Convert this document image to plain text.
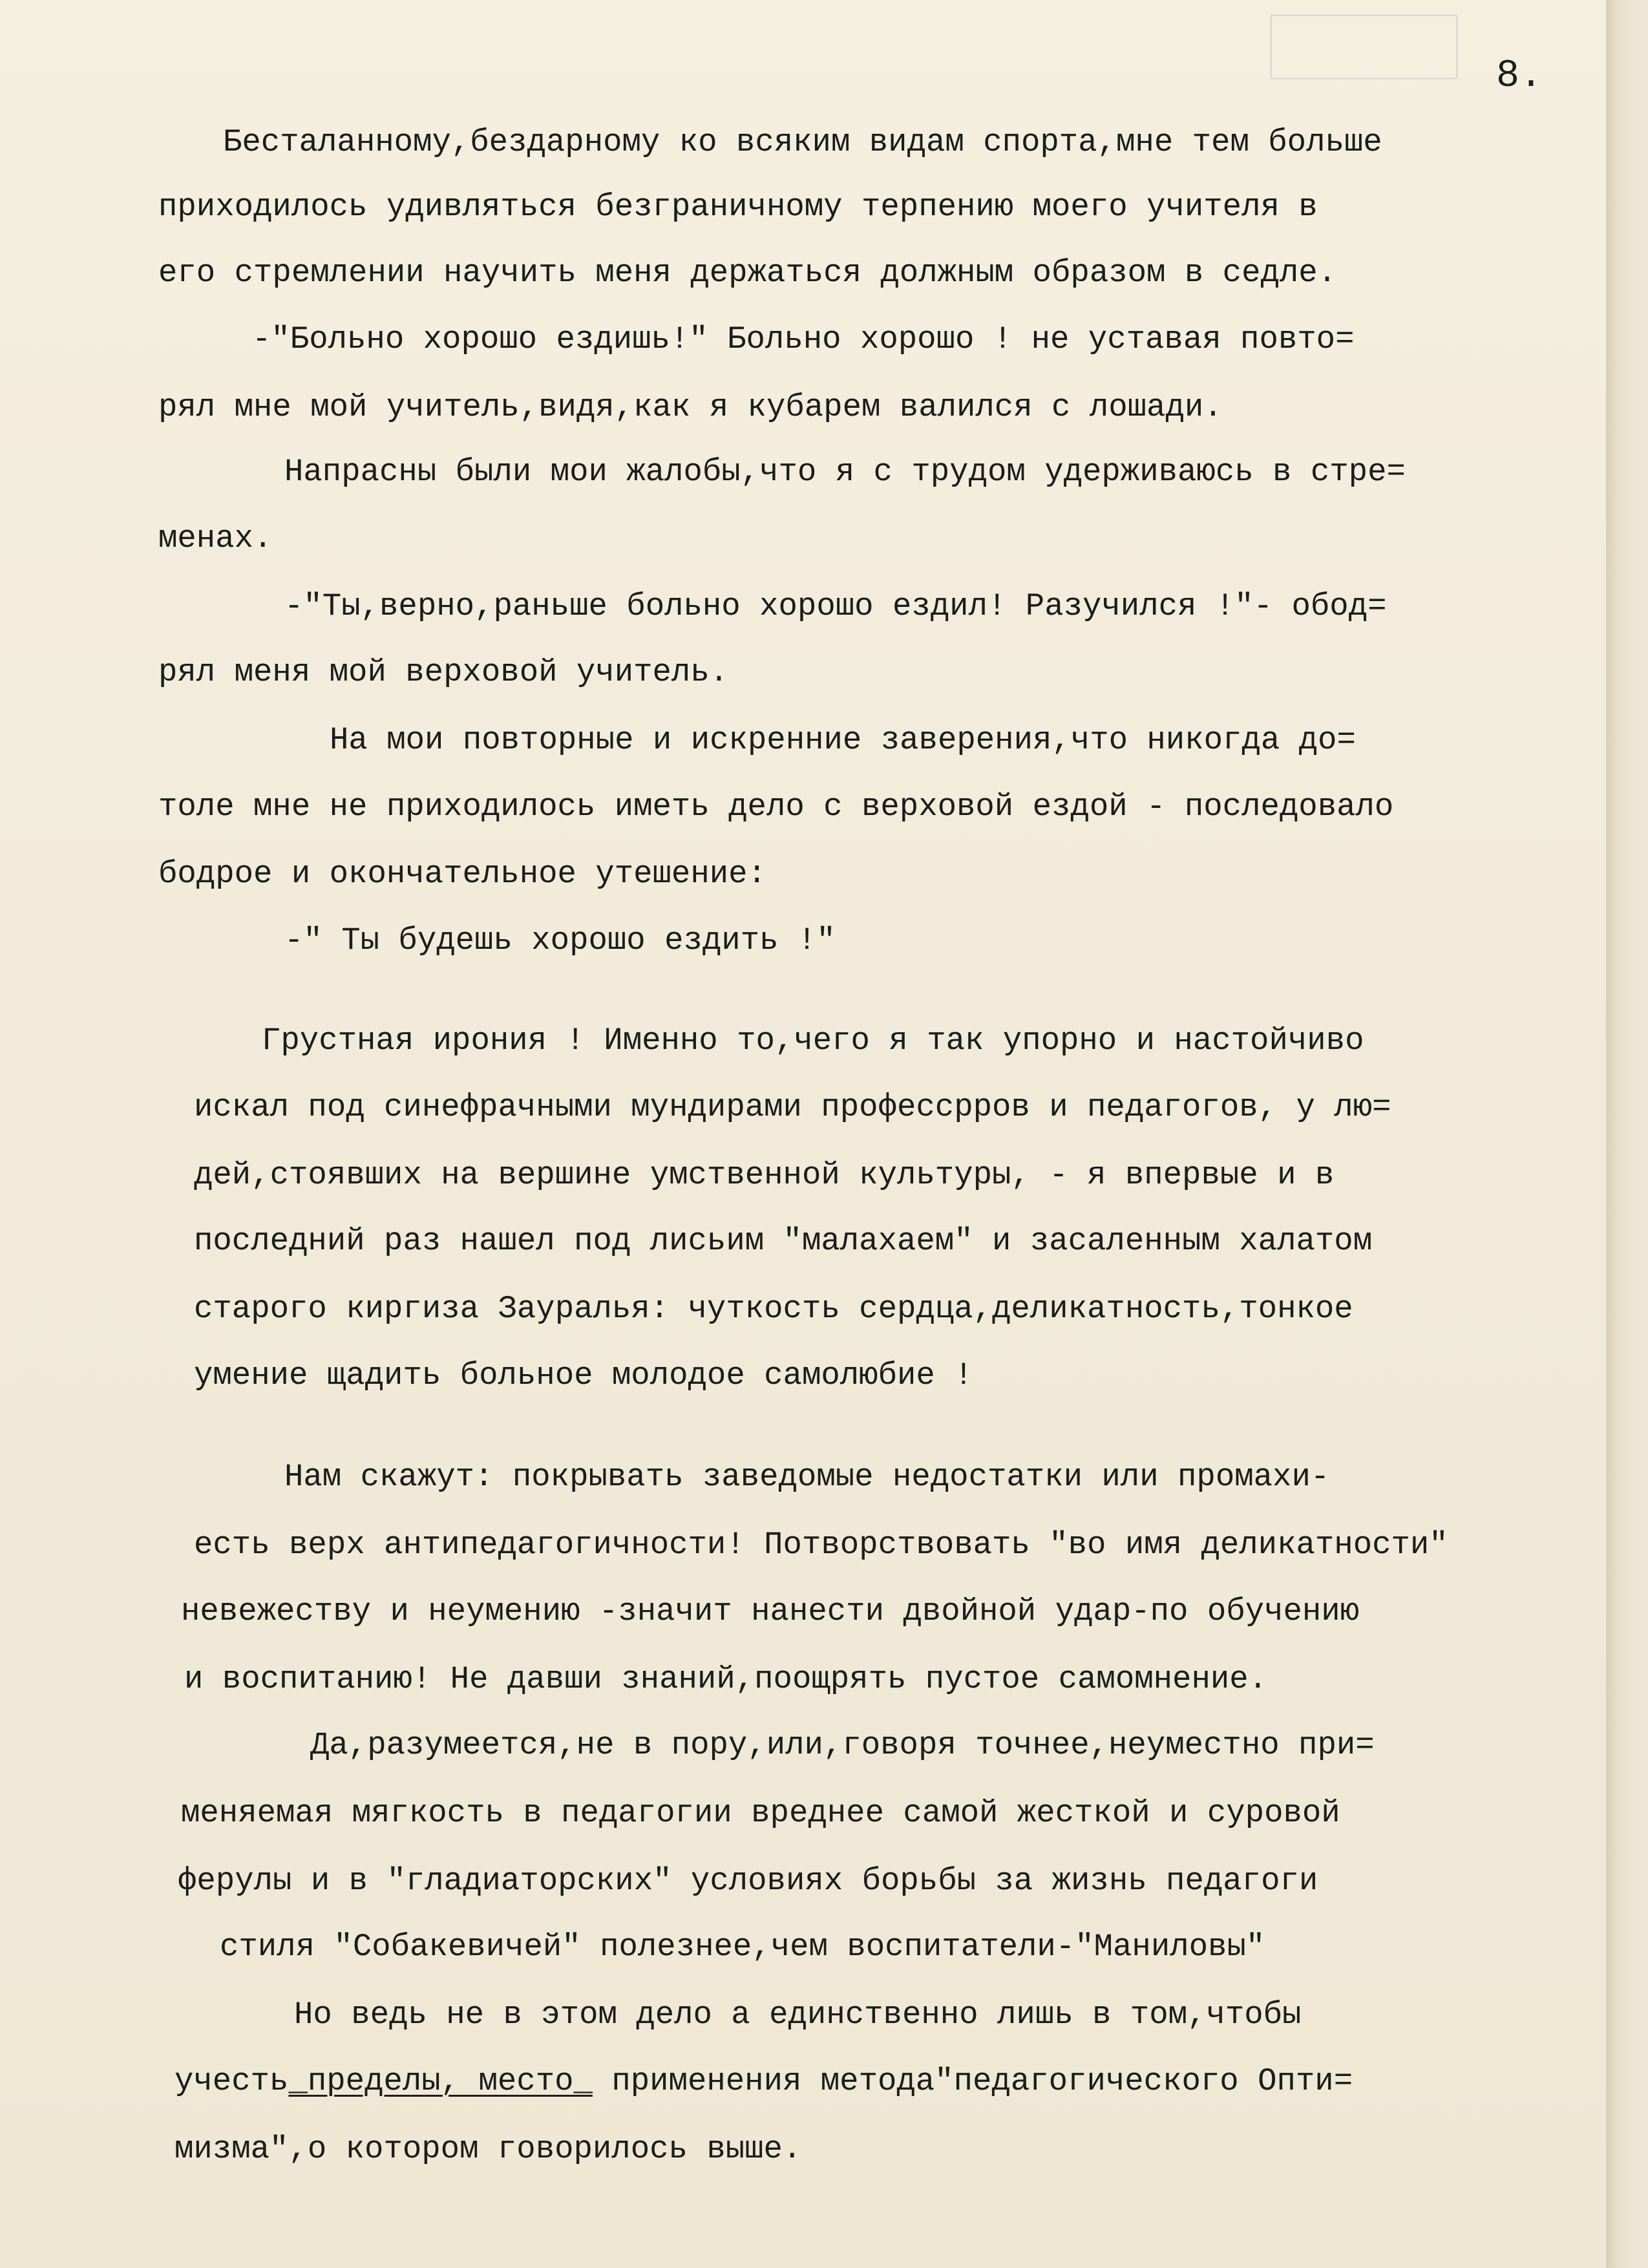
8.
Бесталанному,бездарному ко всяким видам спорта,мне тем больше
приходилось удивляться безграничному терпению моего учителя в
его стремлении научить меня держаться должным образом в седле.
-"Больно хорошо ездишь!" Больно хорошо ! не уставая повто=
рял мне мой учитель,видя,как я кубарем валился с лошади.
Напрасны были мои жалобы,что я с трудом удерживаюсь в стре=
менах.
-"Ты,верно,раньше больно хорошо ездил! Разучился !"- обод=
рял меня мой верховой учитель.
На мои повторные и искренние заверения,что никогда до=
толе мне не приходилось иметь дело с верховой ездой - последовало
бодрое и окончательное утешение:
-" Ты будешь хорошо ездить !"
Грустная ирония ! Именно то,чего я так упорно и настойчиво
искал под синефрачными мундирами профессрров и педагогов, у лю=
дей,стоявших на вершине умственной культуры, - я впервые и в
последний раз нашел под лисьим "малахаем" и засаленным халатом
старого киргиза Зауралья: чуткость сердца,деликатность,тонкое
умение щадить больное молодое самолюбие !
Нам скажут: покрывать заведомые недостатки или промахи-
есть верх антипедагогичности! Потворствовать "во имя деликатности"
невежеству и неумению -значит нанести двойной удар-по обучению
и воспитанию! Не давши знаний,поощрять пустое самомнение.
Да,разумеется,не в пору,или,говоря точнее,неуместно при=
меняемая мягкость в педагогии вреднее самой жесткой и суровой
ферулы и в "гладиаторских" условиях борьбы за жизнь педагоги
стиля "Собакевичей" полезнее,чем воспитатели-"Маниловы"
Но ведь не в этом дело а единственно лишь в том,чтобы
учесть_пределы, место_ применения метода"педагогического Опти=
мизма",о котором говорилось выше.
